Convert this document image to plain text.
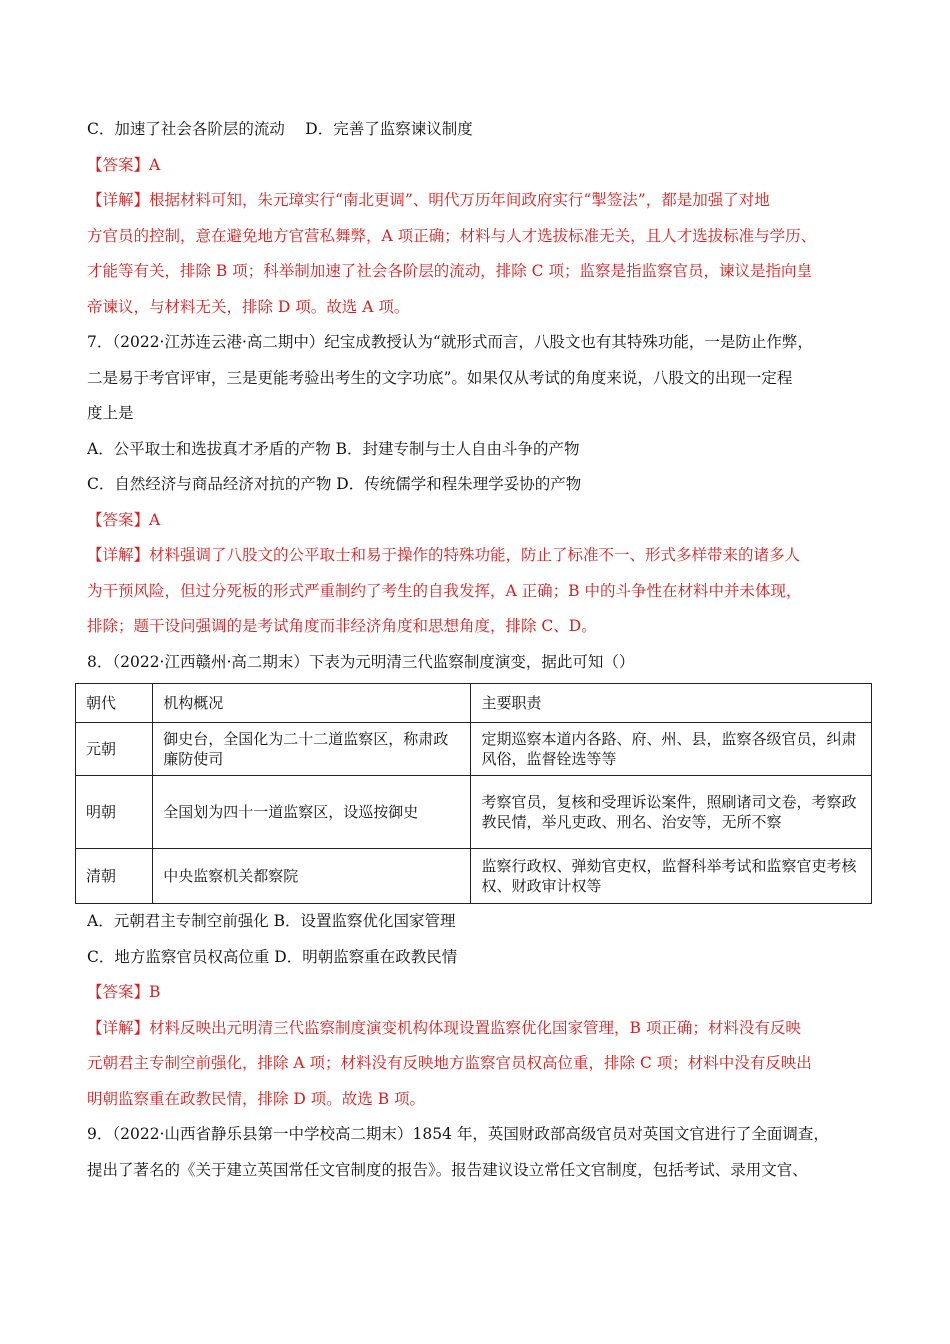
C．加速了社会各阶层的流动　 D．完善了监察谏议制度
【答案】A
【详解】根据材料可知，朱元璋实行“南北更调”、明代万历年间政府实行“掣签法”，都是加强了对地
方官员的控制，意在避免地方官营私舞弊，A 项正确；材料与人才选拔标准无关，且人才选拔标准与学历、
才能等有关，排除 B 项；科举制加速了社会各阶层的流动，排除 C 项；监察是指监察官员，谏议是指向皇
帝谏议，与材料无关，排除 D 项。故选 A 项。
7．（2022·江苏连云港·高二期中）纪宝成教授认为“就形式而言，八股文也有其特殊功能，一是防止作弊，
二是易于考官评审，三是更能考验出考生的文字功底”。如果仅从考试的角度来说，八股文的出现一定程
度上是
A．公平取士和选拔真才矛盾的产物 B．封建专制与士人自由斗争的产物
C．自然经济与商品经济对抗的产物 D．传统儒学和程朱理学妥协的产物
【答案】A
【详解】材料强调了八股文的公平取士和易于操作的特殊功能，防止了标准不一、形式多样带来的诸多人
为干预风险，但过分死板的形式严重制约了考生的自我发挥，A 正确；B 中的斗争性在材料中并未体现，
排除；题干设问强调的是考试角度而非经济角度和思想角度，排除 C、D。
8．（2022·江西赣州·高二期末）下表为元明清三代监察制度演变，据此可知（）
朝代	机构概况	主要职责
元朝	御史台，全国化为二十二道监察区，称肃政廉防使司	定期巡察本道内各路、府、州、县，监察各级官员，纠肃风俗，监督铨选等等
明朝	全国划为四十一道监察区，设巡按御史	考察官员，复核和受理诉讼案件，照刷诸司文卷，考察政教民情，举凡吏政、刑名、治安等，无所不察
清朝	中央监察机关都察院	监察行政权、弹劾官吏权，监督科举考试和监察官吏考核权、财政审计权等
A．元朝君主专制空前强化 B．设置监察优化国家管理
C．地方监察官员权高位重 D．明朝监察重在政教民情
【答案】B
【详解】材料反映出元明清三代监察制度演变机构体现设置监察优化国家管理，B 项正确；材料没有反映
元朝君主专制空前强化，排除 A 项；材料没有反映地方监察官员权高位重，排除 C 项；材料中没有反映出
明朝监察重在政教民情，排除 D 项。故选 B 项。
9．（2022·山西省静乐县第一中学校高二期末）1854 年，英国财政部高级官员对英国文官进行了全面调查，
提出了著名的《关于建立英国常任文官制度的报告》。报告建议设立常任文官制度，包括考试、录用文官、
